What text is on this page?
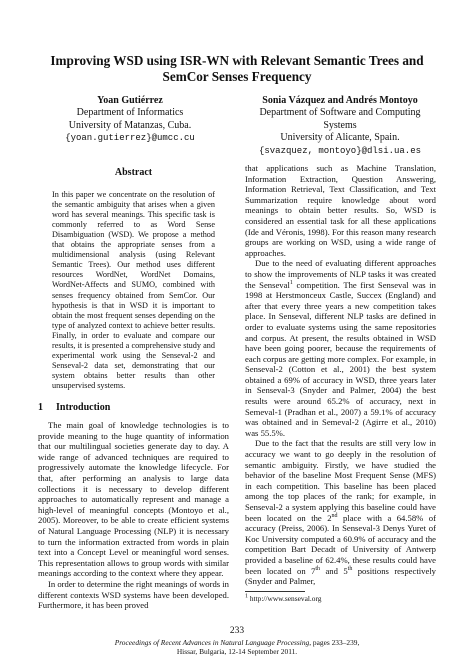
Improving WSD using ISR-WN with Relevant Semantic Trees and SemCor Senses Frequency
Yoan Gutiérrez
Department of Informatics
University of Matanzas, Cuba.
{yoan.gutierrez}@umcc.cu
Sonia Vázquez and Andrés Montoyo
Department of Software and Computing
Systems
University of Alicante, Spain.
{svazquez, montoyo}@dlsi.ua.es
Abstract

In this paper we concentrate on the resolution of the semantic ambiguity that arises when a given word has several meanings. This specific task is commonly referred to as Word Sense Disambiguation (WSD). We propose a method that obtains the appropriate senses from a multidimensional analysis (using Relevant Semantic Trees). Our method uses different resources WordNet, WordNet Domains, WordNet-Affects and SUMO, combined with senses frequency obtained from SemCor. Our hypothesis is that in WSD it is important to obtain the most frequent senses depending on the type of analyzed context to achieve better results. Finally, in order to evaluate and compare our results, it is presented a comprehensive study and experimental work using the Senseval-2 and Senseval-2 data set, demonstrating that our system obtains better results than other unsupervised systems.

1 Introduction

The main goal of knowledge technologies is to provide meaning to the huge quantity of information that our multilingual societies generate day to day. A wide range of advanced techniques are required to progressively automate the knowledge lifecycle. For that, after performing an analysis to large data collections it is necessary to develop different approaches to automatically represent and manage a high-level of meaningful concepts (Montoyo et al., 2005). Moreover, to be able to create efficient systems of Natural Language Processing (NLP) it is necessary to turn the information extracted from words in plain text into a Concept Level or meaningful word senses. This representation allows to group words with similar meanings according to the context where they appear.

In order to determine the right meanings of words in different contexts WSD systems have been developed. Furthermore, it has been proved

that applications such as Machine Translation, Information Extraction, Question Answering, Information Retrieval, Text Classification, and Text Summarization require knowledge about word meanings to obtain better results. So, WSD is considered an essential task for all these applications (Ide and Véronis, 1998). For this reason many research groups are working on WSD, using a wide range of approaches.

Due to the need of evaluating different approaches to show the improvements of NLP tasks it was created the Senseval$^1$ competition. The first Senseval was in 1998 at Herstmonceux Castle, Succex (England) and after that every three years a new competition takes place. In Senseval, different NLP tasks are defined in order to evaluate systems using the same repositories and corpus. At present, the results obtained in WSD have been going poorer, because the requirements of each corpus are getting more complex. For example, in Senseval-2 (Cotton et al., 2001) the best system obtained a 69% of accuracy in WSD, three years later in Senseval-3 (Snyder and Palmer, 2004) the best results were around 65.2% of accuracy, next in Semeval-1 (Pradhan et al., 2007) a 59.1% of accuracy was obtained and in Semeval-2 (Agirre et al., 2010) was 55.5%.

Due to the fact that the results are still very low in accuracy we want to go deeply in the resolution of semantic ambiguity. Firstly, we have studied the behavior of the baseline Most Frequent Sense (MFS) in each competition. This baseline has been placed among the top places of the rank; for example, in Senseval-2 a system applying this baseline could have been located on the 2nd place with a 64.58% of accuracy (Preiss, 2006). In Senseval-3 Denys Yuret of Koc University computed a 60.9% of accuracy and the competition Bart Decadt of University of Antwerp provided a baseline of 62.4%, these results could have been located on 7th and 5th positions respectively (Snyder and Palmer,

$^1$ http://www.senseval.org
233
Proceedings of Recent Advances in Natural Language Processing, pages 233–239,
Hissar, Bulgaria, 12-14 September 2011.
